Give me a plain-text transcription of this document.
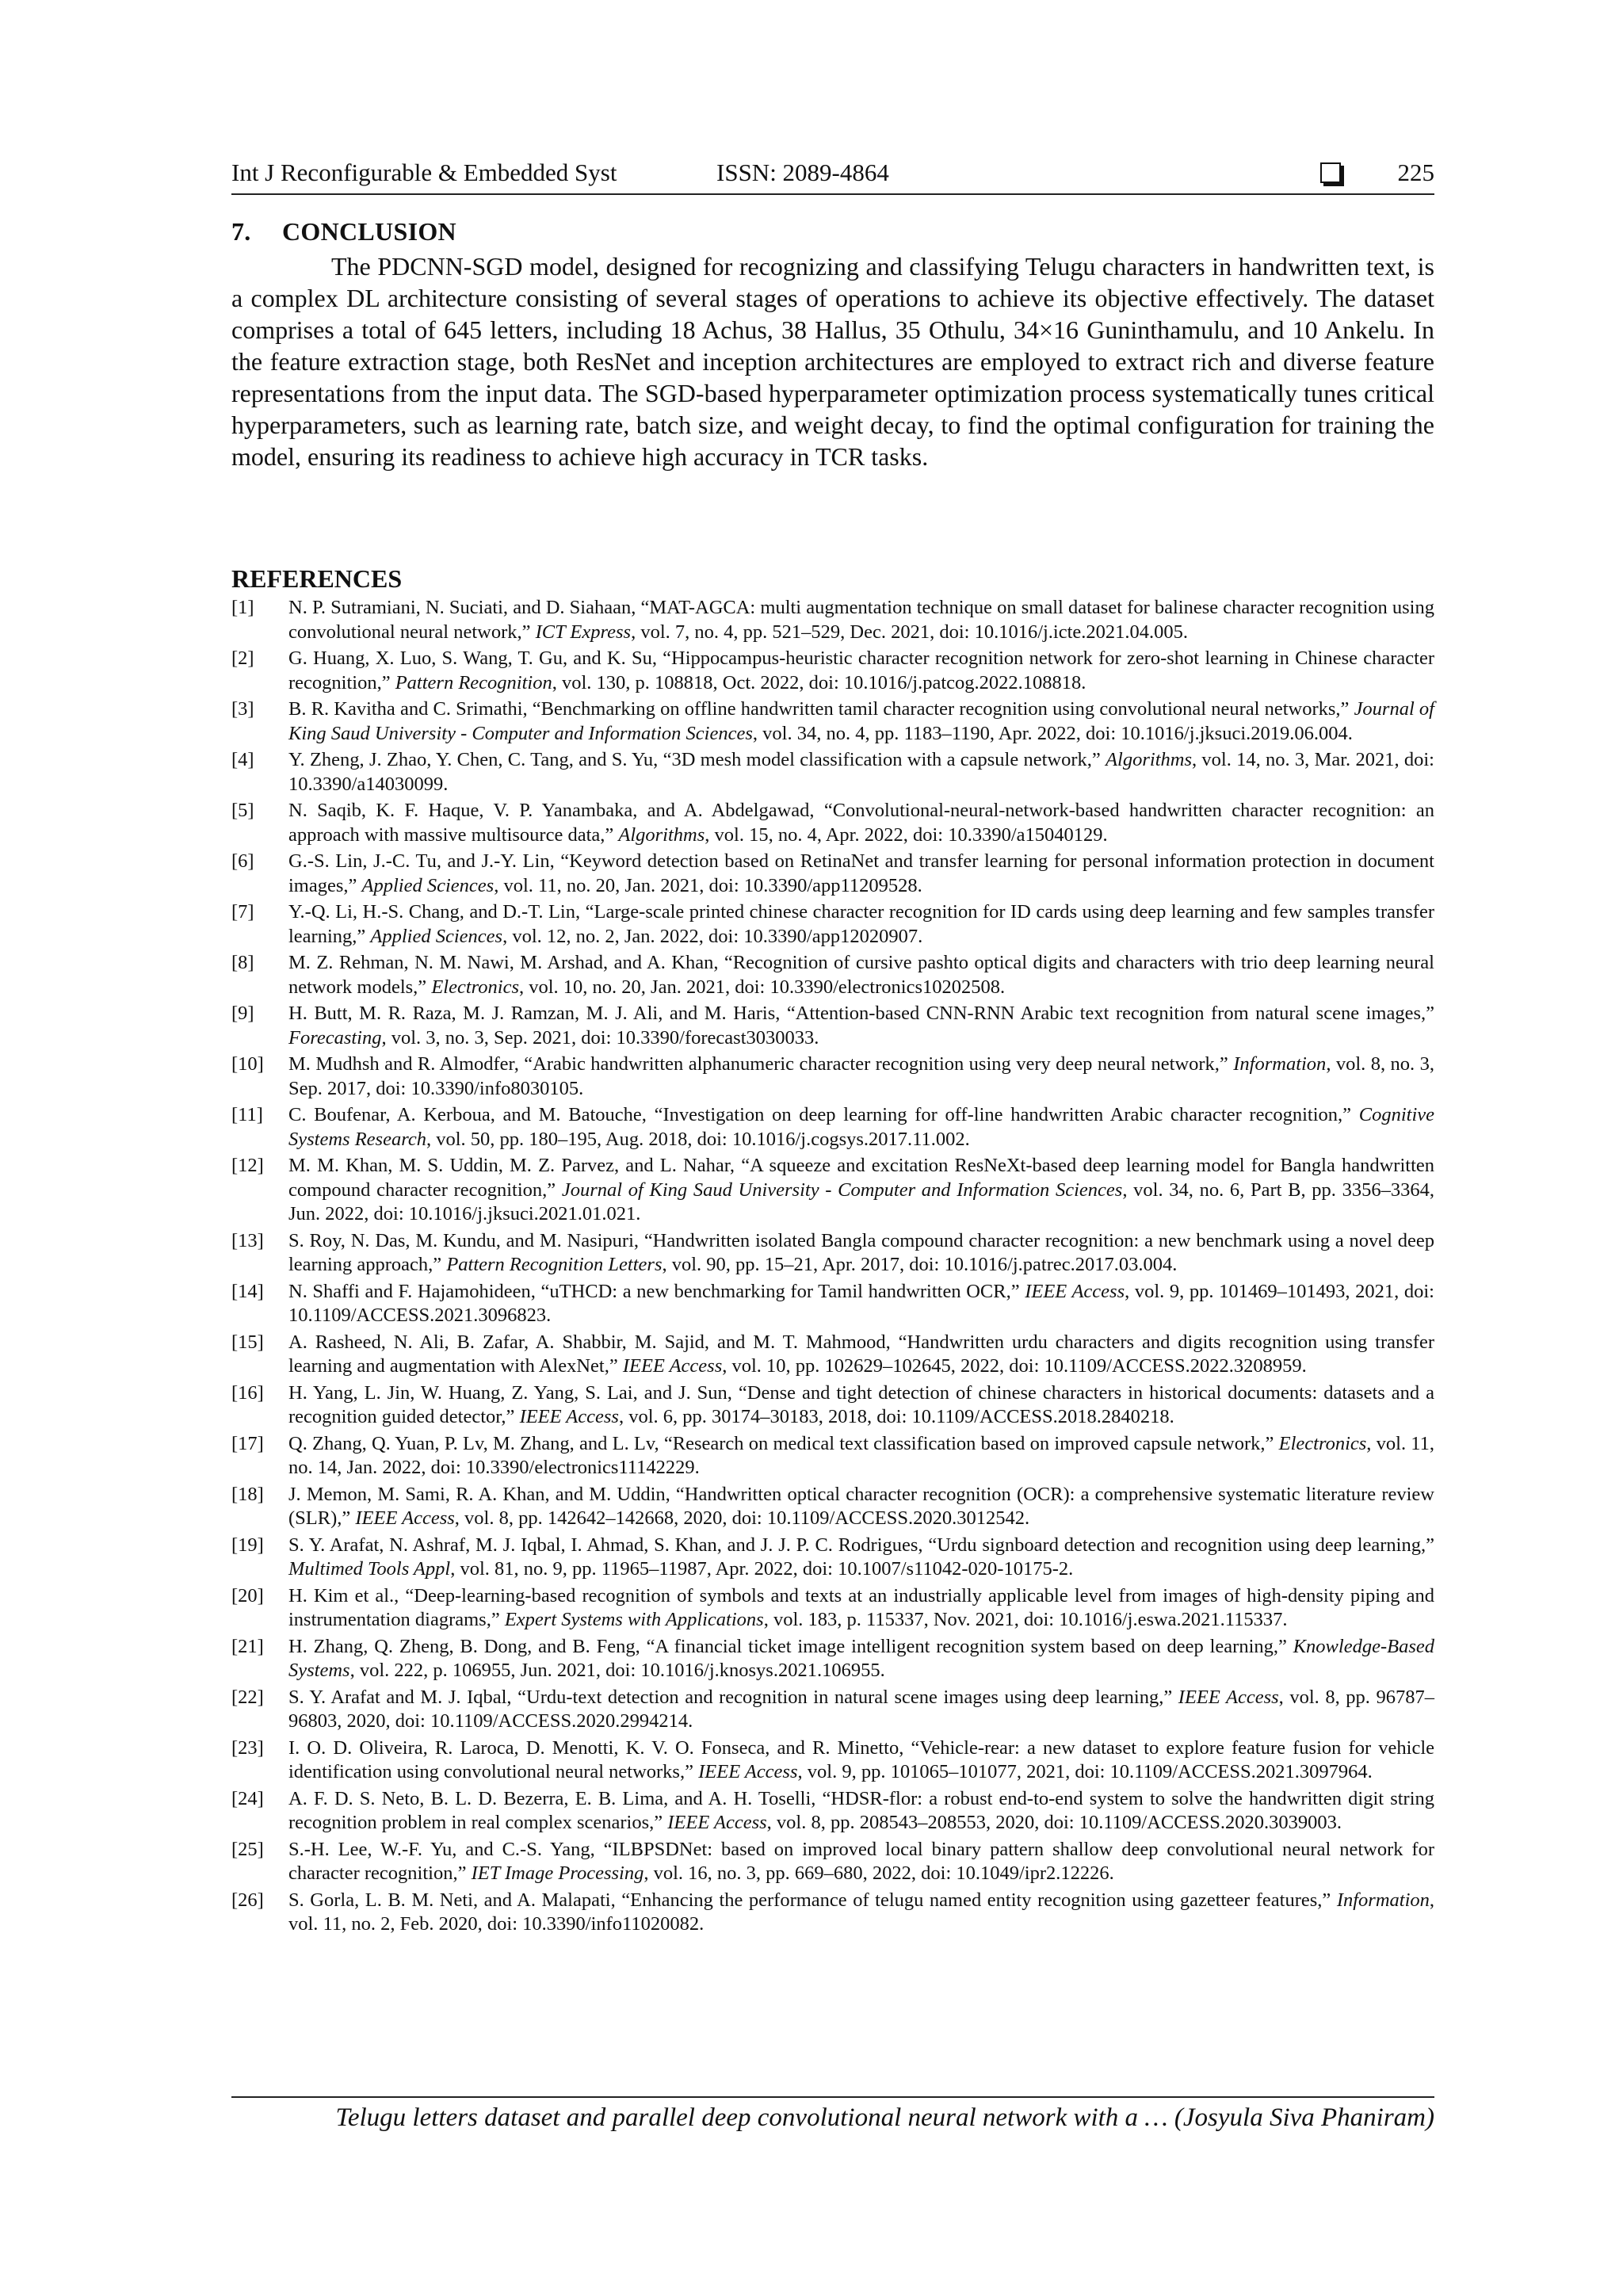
Int J Reconfigurable & Embedded Syst	ISSN: 2089-4864	225
7. CONCLUSION

The PDCNN-SGD model, designed for recognizing and classifying Telugu characters in handwritten text, is a complex DL architecture consisting of several stages of operations to achieve its objective effectively. The dataset comprises a total of 645 letters, including 18 Achus, 38 Hallus, 35 Othulu, 34×16 Guninthamulu, and 10 Ankelu. In the feature extraction stage, both ResNet and inception architectures are employed to extract rich and diverse feature representations from the input data. The SGD-based hyperparameter optimization process systematically tunes critical hyperparameters, such as learning rate, batch size, and weight decay, to find the optimal configuration for training the model, ensuring its readiness to achieve high accuracy in TCR tasks.

REFERENCES
[1]	N. P. Sutramiani, N. Suciati, and D. Siahaan, “MAT-AGCA: multi augmentation technique on small dataset for balinese character recognition using convolutional neural network,” ICT Express, vol. 7, no. 4, pp. 521–529, Dec. 2021, doi: 10.1016/j.icte.2021.04.005.
[2]	G. Huang, X. Luo, S. Wang, T. Gu, and K. Su, “Hippocampus-heuristic character recognition network for zero-shot learning in Chinese character recognition,” Pattern Recognition, vol. 130, p. 108818, Oct. 2022, doi: 10.1016/j.patcog.2022.108818.
[3]	B. R. Kavitha and C. Srimathi, “Benchmarking on offline handwritten tamil character recognition using convolutional neural networks,” Journal of King Saud University - Computer and Information Sciences, vol. 34, no. 4, pp. 1183–1190, Apr. 2022, doi: 10.1016/j.jksuci.2019.06.004.
[4]	Y. Zheng, J. Zhao, Y. Chen, C. Tang, and S. Yu, “3D mesh model classification with a capsule network,” Algorithms, vol. 14, no. 3, Mar. 2021, doi: 10.3390/a14030099.
[5]	N. Saqib, K. F. Haque, V. P. Yanambaka, and A. Abdelgawad, “Convolutional-neural-network-based handwritten character recognition: an approach with massive multisource data,” Algorithms, vol. 15, no. 4, Apr. 2022, doi: 10.3390/a15040129.
[6]	G.-S. Lin, J.-C. Tu, and J.-Y. Lin, “Keyword detection based on RetinaNet and transfer learning for personal information protection in document images,” Applied Sciences, vol. 11, no. 20, Jan. 2021, doi: 10.3390/app11209528.
[7]	Y.-Q. Li, H.-S. Chang, and D.-T. Lin, “Large-scale printed chinese character recognition for ID cards using deep learning and few samples transfer learning,” Applied Sciences, vol. 12, no. 2, Jan. 2022, doi: 10.3390/app12020907.
[8]	M. Z. Rehman, N. M. Nawi, M. Arshad, and A. Khan, “Recognition of cursive pashto optical digits and characters with trio deep learning neural network models,” Electronics, vol. 10, no. 20, Jan. 2021, doi: 10.3390/electronics10202508.
[9]	H. Butt, M. R. Raza, M. J. Ramzan, M. J. Ali, and M. Haris, “Attention-based CNN-RNN Arabic text recognition from natural scene images,” Forecasting, vol. 3, no. 3, Sep. 2021, doi: 10.3390/forecast3030033.
[10]	M. Mudhsh and R. Almodfer, “Arabic handwritten alphanumeric character recognition using very deep neural network,” Information, vol. 8, no. 3, Sep. 2017, doi: 10.3390/info8030105.
[11]	C. Boufenar, A. Kerboua, and M. Batouche, “Investigation on deep learning for off-line handwritten Arabic character recognition,” Cognitive Systems Research, vol. 50, pp. 180–195, Aug. 2018, doi: 10.1016/j.cogsys.2017.11.002.
[12]	M. M. Khan, M. S. Uddin, M. Z. Parvez, and L. Nahar, “A squeeze and excitation ResNeXt-based deep learning model for Bangla handwritten compound character recognition,” Journal of King Saud University - Computer and Information Sciences, vol. 34, no. 6, Part B, pp. 3356–3364, Jun. 2022, doi: 10.1016/j.jksuci.2021.01.021.
[13]	S. Roy, N. Das, M. Kundu, and M. Nasipuri, “Handwritten isolated Bangla compound character recognition: a new benchmark using a novel deep learning approach,” Pattern Recognition Letters, vol. 90, pp. 15–21, Apr. 2017, doi: 10.1016/j.patrec.2017.03.004.
[14]	N. Shaffi and F. Hajamohideen, “uTHCD: a new benchmarking for Tamil handwritten OCR,” IEEE Access, vol. 9, pp. 101469–101493, 2021, doi: 10.1109/ACCESS.2021.3096823.
[15]	A. Rasheed, N. Ali, B. Zafar, A. Shabbir, M. Sajid, and M. T. Mahmood, “Handwritten urdu characters and digits recognition using transfer learning and augmentation with AlexNet,” IEEE Access, vol. 10, pp. 102629–102645, 2022, doi: 10.1109/ACCESS.2022.3208959.
[16]	H. Yang, L. Jin, W. Huang, Z. Yang, S. Lai, and J. Sun, “Dense and tight detection of chinese characters in historical documents: datasets and a recognition guided detector,” IEEE Access, vol. 6, pp. 30174–30183, 2018, doi: 10.1109/ACCESS.2018.2840218.
[17]	Q. Zhang, Q. Yuan, P. Lv, M. Zhang, and L. Lv, “Research on medical text classification based on improved capsule network,” Electronics, vol. 11, no. 14, Jan. 2022, doi: 10.3390/electronics11142229.
[18]	J. Memon, M. Sami, R. A. Khan, and M. Uddin, “Handwritten optical character recognition (OCR): a comprehensive systematic literature review (SLR),” IEEE Access, vol. 8, pp. 142642–142668, 2020, doi: 10.1109/ACCESS.2020.3012542.
[19]	S. Y. Arafat, N. Ashraf, M. J. Iqbal, I. Ahmad, S. Khan, and J. J. P. C. Rodrigues, “Urdu signboard detection and recognition using deep learning,” Multimed Tools Appl, vol. 81, no. 9, pp. 11965–11987, Apr. 2022, doi: 10.1007/s11042-020-10175-2.
[20]	H. Kim et al., “Deep-learning-based recognition of symbols and texts at an industrially applicable level from images of high-density piping and instrumentation diagrams,” Expert Systems with Applications, vol. 183, p. 115337, Nov. 2021, doi: 10.1016/j.eswa.2021.115337.
[21]	H. Zhang, Q. Zheng, B. Dong, and B. Feng, “A financial ticket image intelligent recognition system based on deep learning,” Knowledge-Based Systems, vol. 222, p. 106955, Jun. 2021, doi: 10.1016/j.knosys.2021.106955.
[22]	S. Y. Arafat and M. J. Iqbal, “Urdu-text detection and recognition in natural scene images using deep learning,” IEEE Access, vol. 8, pp. 96787–96803, 2020, doi: 10.1109/ACCESS.2020.2994214.
[23]	I. O. D. Oliveira, R. Laroca, D. Menotti, K. V. O. Fonseca, and R. Minetto, “Vehicle-rear: a new dataset to explore feature fusion for vehicle identification using convolutional neural networks,” IEEE Access, vol. 9, pp. 101065–101077, 2021, doi: 10.1109/ACCESS.2021.3097964.
[24]	A. F. D. S. Neto, B. L. D. Bezerra, E. B. Lima, and A. H. Toselli, “HDSR-flor: a robust end-to-end system to solve the handwritten digit string recognition problem in real complex scenarios,” IEEE Access, vol. 8, pp. 208543–208553, 2020, doi: 10.1109/ACCESS.2020.3039003.
[25]	S.-H. Lee, W.-F. Yu, and C.-S. Yang, “ILBPSDNet: based on improved local binary pattern shallow deep convolutional neural network for character recognition,” IET Image Processing, vol. 16, no. 3, pp. 669–680, 2022, doi: 10.1049/ipr2.12226.
[26]	S. Gorla, L. B. M. Neti, and A. Malapati, “Enhancing the performance of telugu named entity recognition using gazetteer features,” Information, vol. 11, no. 2, Feb. 2020, doi: 10.3390/info11020082.
Telugu letters dataset and parallel deep convolutional neural network with a … (Josyula Siva Phaniram)
